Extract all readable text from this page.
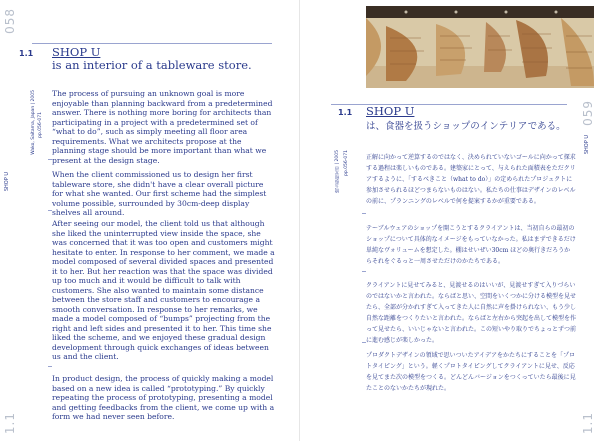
058
1.1
1.1 SHOP U
is an interior of a tableware store.
SHOP U
Wako, Saitama, Japan | 2005 pp.056-071

The process of pursuing an unknown goal is more enjoyable than planning backward from a predetermined answer. There is nothing more boring for architects than participating in a project with a predetermined set of “what to do”, such as simply meeting all floor area requirements. What we architects propose at the planning stage should be more important than what we present at the design stage.

When the client commissioned us to design her first tableware store, she didn't have a clear overall picture for what she wanted. Our first scheme had the simplest volume possible, surrounded by 30cm-deep display shelves all around.

After seeing our model, the client told us that although she liked the uninterrupted view inside the space, she was concerned that it was too open and customers might hesitate to enter. In response to her comment, we made a model composed of several divided spaces and presented it to her. But her reaction was that the space was divided up too much and it would be difficult to talk with customers. She also wanted to maintain some distance between the store staff and customers to encourage a smooth conversation. In response to her remarks, we made a model composed of “bumps” projecting from the right and left sides and presented it to her. This time she liked the scheme, and we enjoyed these gradual design development through quick exchanges of ideas between us and the client.

In product design, the process of quickly making a model based on a new idea is called “prototyping.” By quickly repeating the process of prototyping, presenting a model and getting feedbacks from the client, we come up with a form we had never seen before.

059
1.1
1.1 SHOP U
は、食器を扱うショップのインテリアである。
SHOP U
埼玉県和光市 | 2005 pp.056-071	正解に向かって逆算するのではなく、決められていないゴールに向かって探求する過程は楽しいものである。建築家にとって、与えられた面積表をただクリアするように、「するべきこと（what to do）」の定められたプロジェクトに参加させられるほどつまらないものはない。私たちの仕事はデザインのレベルの前に、プランニングのレベルで何を提案するかが重要である。

テーブルウェアのショップを開こうとするクライアントは、当初自らの最初のショップについて具体的なイメージをもっていなかった。私はまずできるだけ単純なヴォリュームを想定した。棚はせいぜい30cm ほどの奥行きだろうからそれをぐるっと一周させただけのかたちである。

クライアントに見せてみると、見渡せるのはいいが、見渡せすぎて入りづらいのではないかと言われた。ならばと思い、空間をいくつかに分ける模型を見せたら、全部が分かれすぎて入ってきた人に自然に声を掛けられない、もう少し自然な距離をつくりたいと言われた。ならばと左右から突起を出して模型を作って見せたら、いいじゃないと言われた。この短いやり取りでちょっとずつ前に進む感じが楽しかった。

プロダクトデザインの領域で思いついたアイデアをかたちにすることを「プロトタイピング」という。軽くプロトタイピングしてクライアントに見せ、反応を見てまた次の模型をつくる。どんどんバージョンをつくっていたら最後に見たことのないかたちが現れた。
